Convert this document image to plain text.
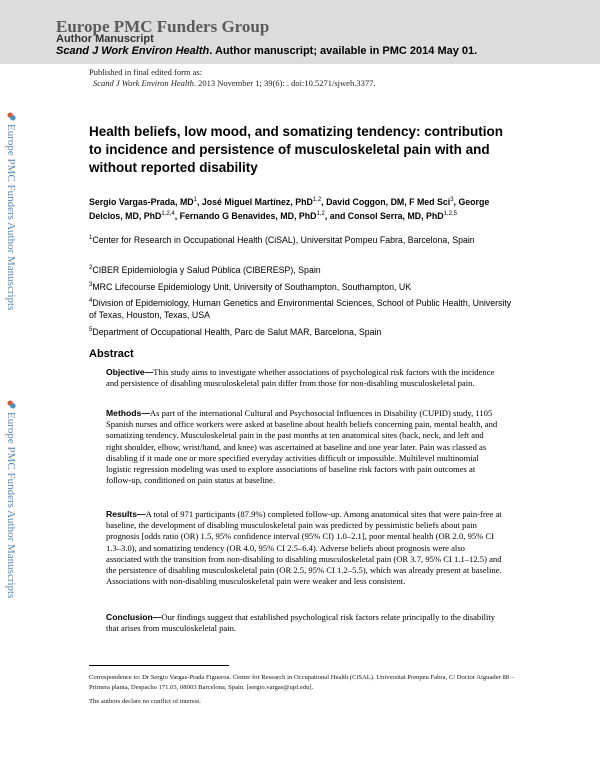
Europe PMC Funders Group
Author Manuscript
Scand J Work Environ Health. Author manuscript; available in PMC 2014 May 01.
Published in final edited form as:
Scand J Work Environ Health. 2013 November 1; 39(6): . doi:10.5271/sjweh.3377.
Europe PMC Funders Author Manuscripts
Europe PMC Funders Author Manuscripts
Health beliefs, low mood, and somatizing tendency: contribution to incidence and persistence of musculoskeletal pain with and without reported disability
Sergio Vargas-Prada, $MD^1$, José Miguel Martínez, PhD$^{1,2}$, David Coggon, DM, F Med Sci$^3$, George Delclos, MD, PhD$^{1,2,4}$, Fernando G Benavides, MD, PhD$^{1,2}$, and Consol Serra, MD, PhD$^{1,2,5}$
$^1$Center for Research in Occupational Health (CiSAL), Universitat Pompeu Fabra, Barcelona, Spain
$^2$CIBER Epidemiología y Salud Pública (CIBERESP), Spain
$^3$MRC Lifecourse Epidemiology Unit, University of Southampton, Southampton, UK
$^4$Division of Epidemiology, Human Genetics and Environmental Sciences, School of Public Health, University of Texas, Houston, Texas, USA
$^5$Department of Occupational Health, Parc de Salut MAR, Barcelona, Spain
Abstract
Objective—This study aims to investigate whether associations of psychological risk factors with the incidence and persistence of disabling musculoskeletal pain differ from those for non-disabling musculoskeletal pain.
Methods—As part of the international Cultural and Psychosocial Influences in Disability (CUPID) study, 1105 Spanish nurses and office workers were asked at baseline about health beliefs concerning pain, mental health, and somatizing tendency. Musculoskeletal pain in the past months at ten anatomical sites (back, neck, and left and right shoulder, elbow, wrist/hand, and knee) was ascertained at baseline and one year later. Pain was classed as disabling if it made one or more specified everyday activities difficult or impossible. Multilevel multinomial logistic regression modeling was used to explore associations of baseline risk factors with pain outcomes at follow-up, conditioned on pain status at baseline.
Results—A total of 971 participants (87.9%) completed follow-up. Among anatomical sites that were pain-free at baseline, the development of disabling musculoskeletal pain was predicted by pessimistic beliefs about pain prognosis [odds ratio (OR) 1.5, 95% confidence interval (95% CI) 1.0–2.1], poor mental health (OR 2.0, 95% CI 1.3–3.0), and somatizing tendency (OR 4.0, 95% CI 2.5–6.4). Adverse beliefs about prognosis were also associated with the transition from non-disabling to disabling musculoskeletal pain (OR 3.7, 95% CI 1.1–12.5) and the persistence of disabling musculoskeletal pain (OR 2.5, 95% CI 1.2–5.5), which was already present at baseline. Associations with non-disabling musculoskeletal pain were weaker and less consistent.
Conclusion—Our findings suggest that established psychological risk factors relate principally to the disability that arises from musculoskeletal pain.
Correspondence to: Dr Sergio Vargas-Prada Figueroa. Center for Research in Occupational Health (CiSAL). Universitat Pompeu Fabra, C/ Doctor Aiguader 88 – Primera planta, Despacho 171.03, 08003 Barcelona, Spain. [sergio.vargas@upf.edu].
The authors declare no conflict of interest.
